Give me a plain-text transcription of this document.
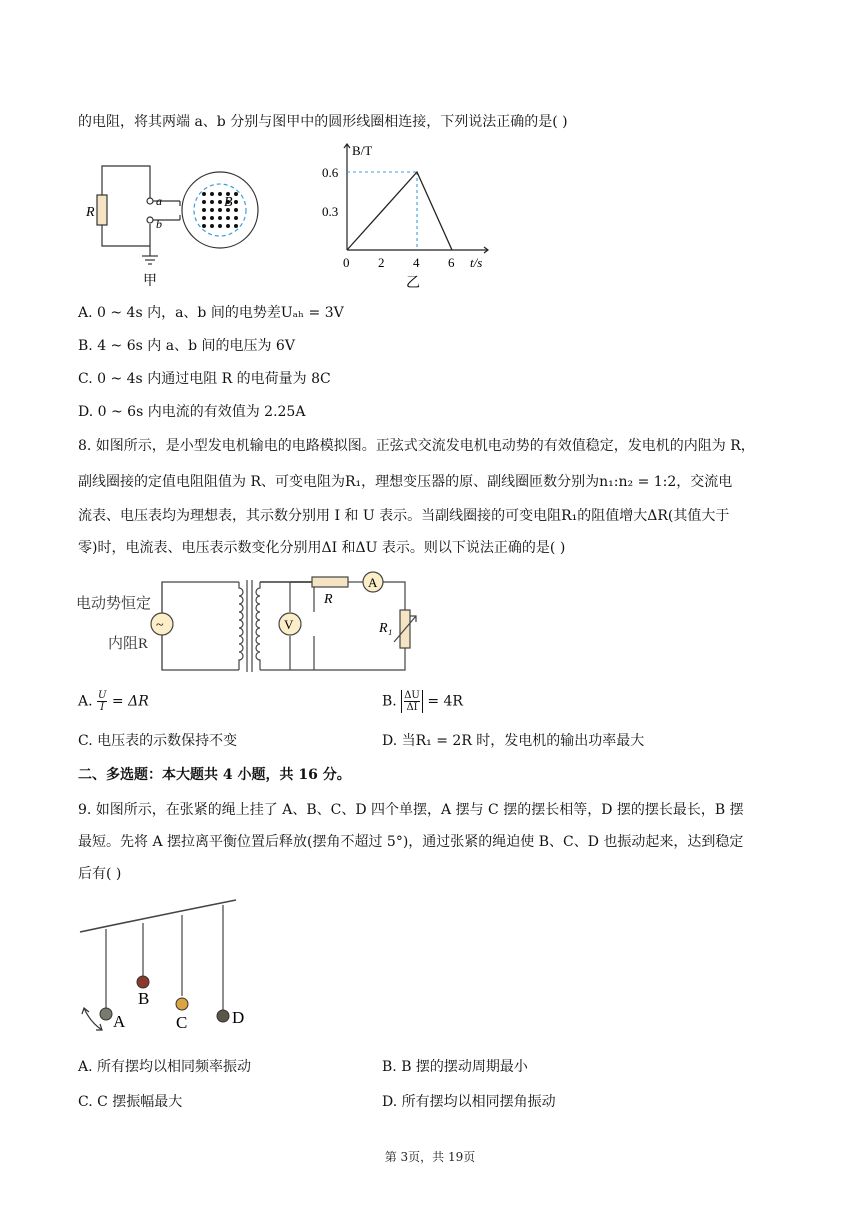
的电阻，将其两端 a、b 分别与图甲中的圆形线圈相连接，下列说法正确的是( )
R
a
b
B
甲
0 2 4 6
0.3
0.6
B/T
t/s
乙
A. 0 ~ 4s 内，a、b 间的电势差Uₐₕ = 3V
B. 4 ~ 6s 内 a、b 间的电压为 6V
C. 0 ~ 4s 内通过电阻 R 的电荷量为 8C
D. 0 ~ 6s 内电流的有效值为 2.25A
8. 如图所示，是小型发电机输电的电路模拟图。正弦式交流发电机电动势的有效值稳定，发电机的内阻为 R，
副线圈接的定值电阻阻值为 R、可变电阻为R₁，理想变压器的原、副线圈匝数分别为n₁:n₂ = 1:2，交流电
流表、电压表均为理想表，其示数分别用 I 和 U 表示。当副线圈接的可变电阻R₁的阻值增大ΔR(其值大于
零)时，电流表、电压表示数变化分别用ΔI 和ΔU 表示。则以下说法正确的是( )
~	V
A
电动势恒定
内阻R
R
R₁
A. $\frac{U}{I} = \Delta R$	B. $\frac{\Delta U}{\Delta I} = 4R$
C. 电压表的示数保持不变	D. 当R₁ = 2R 时，发电机的输出功率最大
二、多选题：本大题共 4 小题，共 16 分。
9. 如图所示，在张紧的绳上挂了 A、B、C、D 四个单摆，A 摆与 C 摆的摆长相等，D 摆的摆长最长，B 摆
最短。先将 A 摆拉离平衡位置后释放(摆角不超过 5°)，通过张紧的绳迫使 B、C、D 也振动起来，达到稳定
后有( )
A
B
C	D
A. 所有摆均以相同频率振动	B. B 摆的摆动周期最小
C. C 摆振幅最大	D. 所有摆均以相同摆角振动
第 3页，共 19页
